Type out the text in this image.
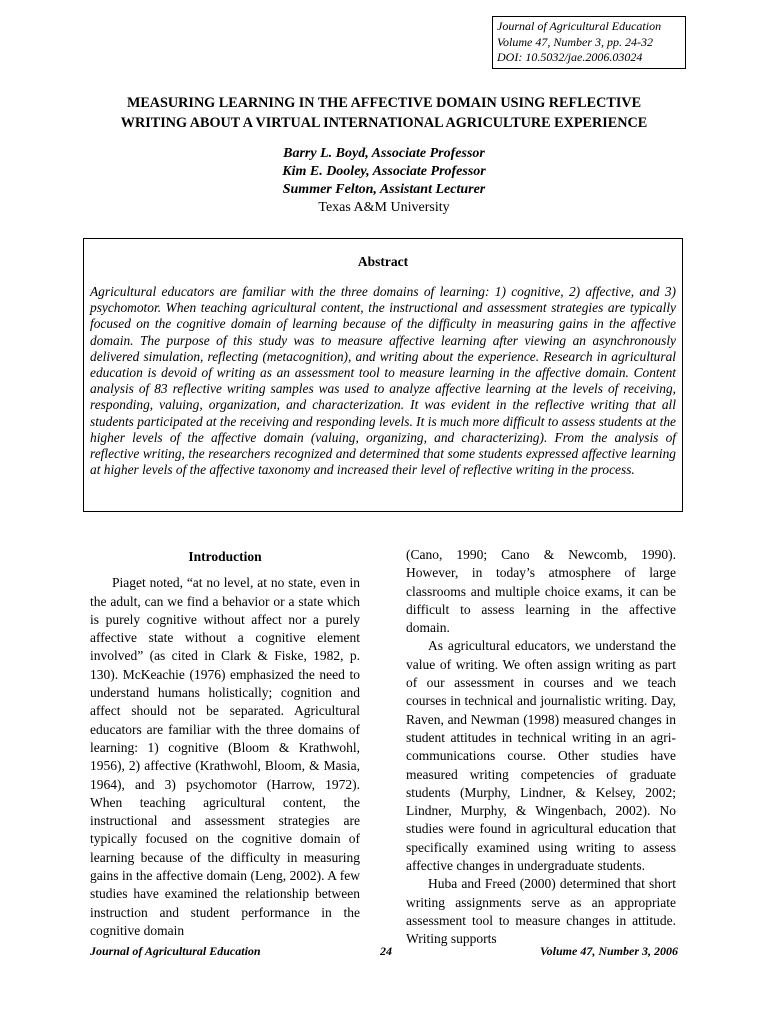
Journal of Agricultural Education
Volume 47, Number 3, pp. 24-32
DOI: 10.5032/jae.2006.03024
MEASURING LEARNING IN THE AFFECTIVE DOMAIN USING REFLECTIVE
WRITING ABOUT A VIRTUAL INTERNATIONAL AGRICULTURE EXPERIENCE
Barry L. Boyd, Associate Professor
Kim E. Dooley, Associate Professor
Summer Felton, Assistant Lecturer
Texas A&M University
Abstract
Agricultural educators are familiar with the three domains of learning: 1) cognitive, 2) affective, and 3) psychomotor. When teaching agricultural content, the instructional and assessment strategies are typically focused on the cognitive domain of learning because of the difficulty in measuring gains in the affective domain. The purpose of this study was to measure affective learning after viewing an asynchronously delivered simulation, reflecting (metacognition), and writing about the experience. Research in agricultural education is devoid of writing as an assessment tool to measure learning in the affective domain. Content analysis of 83 reflective writing samples was used to analyze affective learning at the levels of receiving, responding, valuing, organization, and characterization. It was evident in the reflective writing that all students participated at the receiving and responding levels. It is much more difficult to assess students at the higher levels of the affective domain (valuing, organizing, and characterizing). From the analysis of reflective writing, the researchers recognized and determined that some students expressed affective learning at higher levels of the affective taxonomy and increased their level of reflective writing in the process.
Introduction

Piaget noted, “at no level, at no state, even in the adult, can we find a behavior or a state which is purely cognitive without affect nor a purely affective state without a cognitive element involved” (as cited in Clark & Fiske, 1982, p. 130). McKeachie (1976) emphasized the need to understand humans holistically; cognition and affect should not be separated. Agricultural educators are familiar with the three domains of learning: 1) cognitive (Bloom & Krathwohl, 1956), 2) affective (Krathwohl, Bloom, & Masia, 1964), and 3) psychomotor (Harrow, 1972). When teaching agricultural content, the instructional and assessment strategies are typically focused on the cognitive domain of learning because of the difficulty in measuring gains in the affective domain (Leng, 2002). A few studies have examined the relationship between instruction and student performance in the cognitive domain

(Cano, 1990; Cano & Newcomb, 1990). However, in today’s atmosphere of large classrooms and multiple choice exams, it can be difficult to assess learning in the affective domain.

As agricultural educators, we understand the value of writing. We often assign writing as part of our assessment in courses and we teach courses in technical and journalistic writing. Day, Raven, and Newman (1998) measured changes in student attitudes in technical writing in an agri-communications course. Other studies have measured writing competencies of graduate students (Murphy, Lindner, & Kelsey, 2002; Lindner, Murphy, & Wingenbach, 2002). No studies were found in agricultural education that specifically examined using writing to assess affective changes in undergraduate students.

Huba and Freed (2000) determined that short writing assignments serve as an appropriate assessment tool to measure changes in attitude. Writing supports

Journal of Agricultural Education	24	Volume 47, Number 3, 2006
